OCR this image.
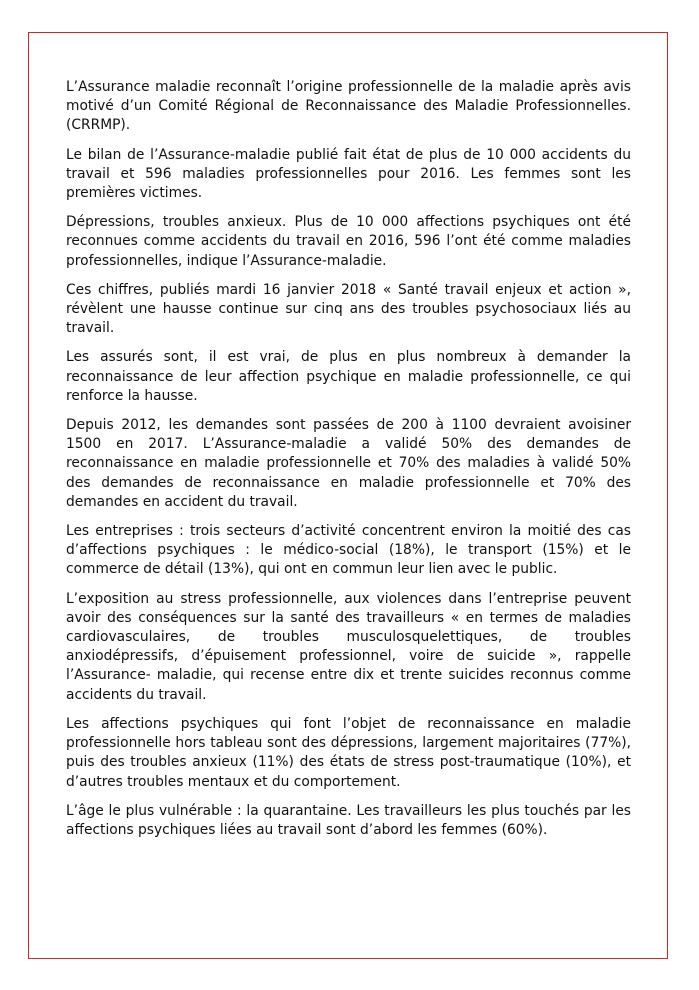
L’Assurance maladie reconnaît l’origine professionnelle de la maladie après avis motivé d’un Comité Régional de Reconnaissance des Maladie Professionnelles. (CRRMP).

Le bilan de l’Assurance-maladie publié fait état de plus de 10 000 accidents du travail et 596 maladies professionnelles pour 2016. Les femmes sont les premières victimes.

Dépressions, troubles anxieux. Plus de 10 000 affections psychiques ont été reconnues comme accidents du travail en 2016, 596 l’ont été comme maladies professionnelles, indique l’Assurance-maladie.

Ces chiffres, publiés mardi 16 janvier 2018 « Santé travail enjeux et action », révèlent une hausse continue sur cinq ans des troubles psychosociaux liés au travail.

Les assurés sont, il est vrai, de plus en plus nombreux à demander la reconnaissance de leur affection psychique en maladie professionnelle, ce qui renforce la hausse.

Depuis 2012, les demandes sont passées de 200 à 1100 devraient avoisiner 1500 en 2017. L’Assurance-maladie a validé 50% des demandes de reconnaissance en maladie professionnelle et 70% des maladies à validé 50% des demandes de reconnaissance en maladie professionnelle et 70% des demandes en accident du travail.

Les entreprises : trois secteurs d’activité concentrent environ la moitié des cas d’affections psychiques : le médico-social (18%), le transport (15%) et le commerce de détail (13%), qui ont en commun leur lien avec le public.

L’exposition au stress professionnelle, aux violences dans l’entreprise peuvent avoir des conséquences sur la santé des travailleurs « en termes de maladies cardiovasculaires, de troubles musculosquelettiques, de troubles anxiodépressifs, d’épuisement professionnel, voire de suicide », rappelle l’Assurance- maladie, qui recense entre dix et trente suicides reconnus comme accidents du travail.

Les affections psychiques qui font l’objet de reconnaissance en maladie professionnelle hors tableau sont des dépressions, largement majoritaires (77%), puis des troubles anxieux (11%) des états de stress post-traumatique (10%), et d’autres troubles mentaux et du comportement.

L’âge le plus vulnérable : la quarantaine. Les travailleurs les plus touchés par les affections psychiques liées au travail sont d’abord les femmes (60%).
